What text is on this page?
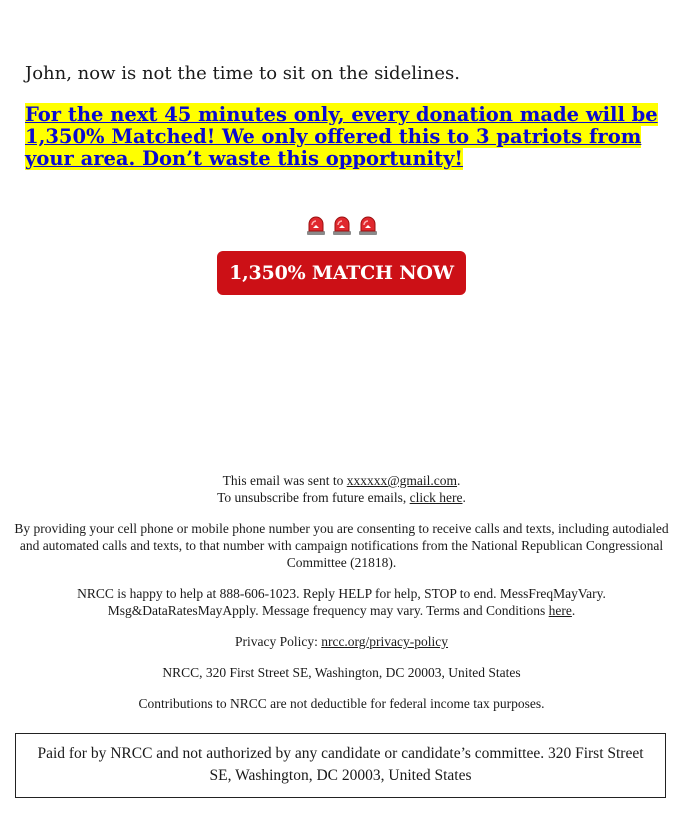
John, now is not the time to sit on the sidelines.

For the next 45 minutes only, every donation made will be 1,350% Matched! We only offered this to 3 patriots from your area. Don’t waste this opportunity!

1,350% MATCH NOW

This email was sent to xxxxxx@gmail.com.
To unsubscribe from future emails, click here.

By providing your cell phone or mobile phone number you are consenting to receive calls and texts, including autodialed and automated calls and texts, to that number with campaign notifications from the National Republican Congressional Committee (21818).

NRCC is happy to help at 888-606-1023. Reply HELP for help, STOP to end. MessFreqMayVary. Msg&DataRatesMayApply. Message frequency may vary. Terms and Conditions here.

Privacy Policy: nrcc.org/privacy-policy

NRCC, 320 First Street SE, Washington, DC 20003, United States

Contributions to NRCC are not deductible for federal income tax purposes.

Paid for by NRCC and not authorized by any candidate or candidate’s committee. 320 First Street SE, Washington, DC 20003, United States
